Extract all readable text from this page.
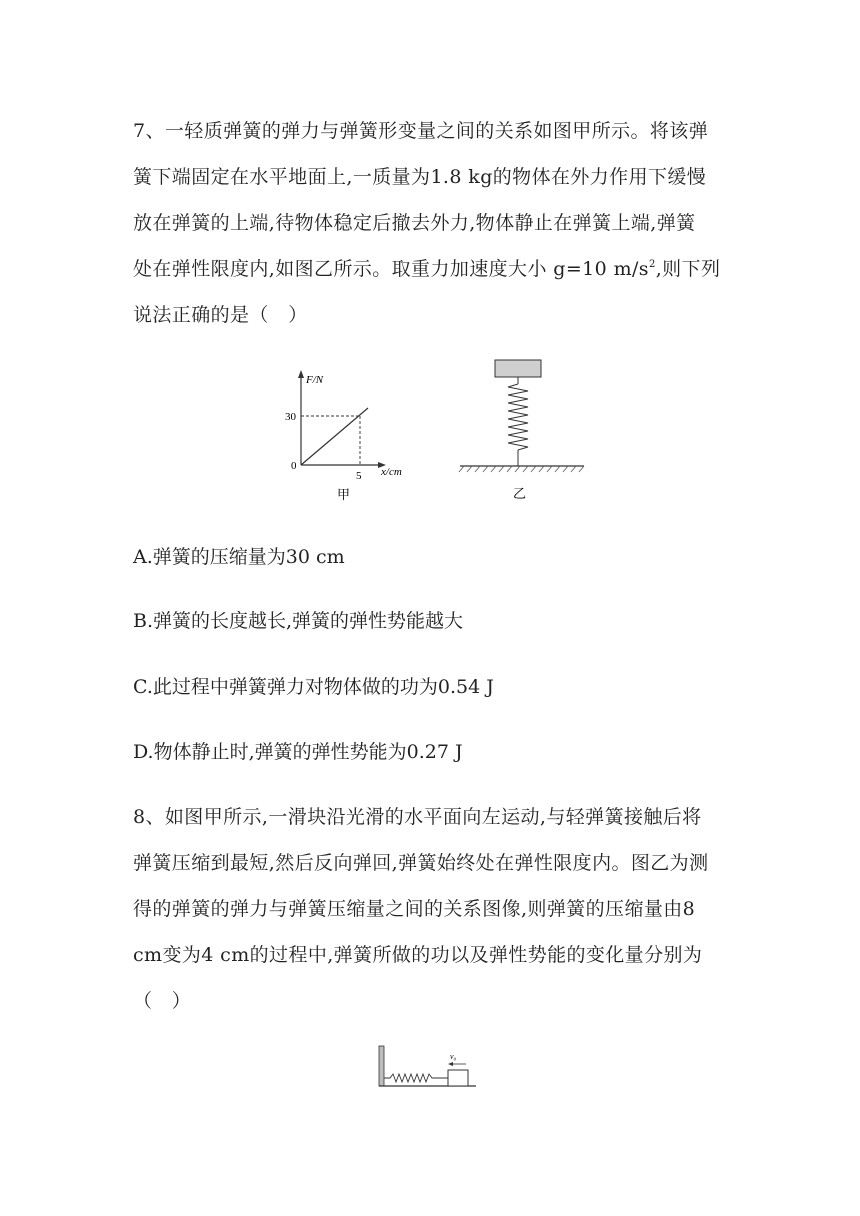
7、一轻质弹簧的弹力与弹簧形变量之间的关系如图甲所示。将该弹
簧下端固定在水平地面上,一质量为1.8 kg的物体在外力作用下缓慢
放在弹簧的上端,待物体稳定后撤去外力,物体静止在弹簧上端,弹簧
处在弹性限度内,如图乙所示。取重力加速度大小 g=10 $m/s^2$,则下列
说法正确的是（　）
F/N
30
0
5 x/cm
甲	乙
A.弹簧的压缩量为30 cm
B.弹簧的长度越长,弹簧的弹性势能越大
C.此过程中弹簧弹力对物体做的功为0.54 J
D.物体静止时,弹簧的弹性势能为0.27 J
8、如图甲所示,一滑块沿光滑的水平面向左运动,与轻弹簧接触后将
弹簧压缩到最短,然后反向弹回,弹簧始终处在弹性限度内。图乙为测
得的弹簧的弹力与弹簧压缩量之间的关系图像,则弹簧的压缩量由8
cm变为4 cm的过程中,弹簧所做的功以及弹性势能的变化量分别为
（　）
v₀
